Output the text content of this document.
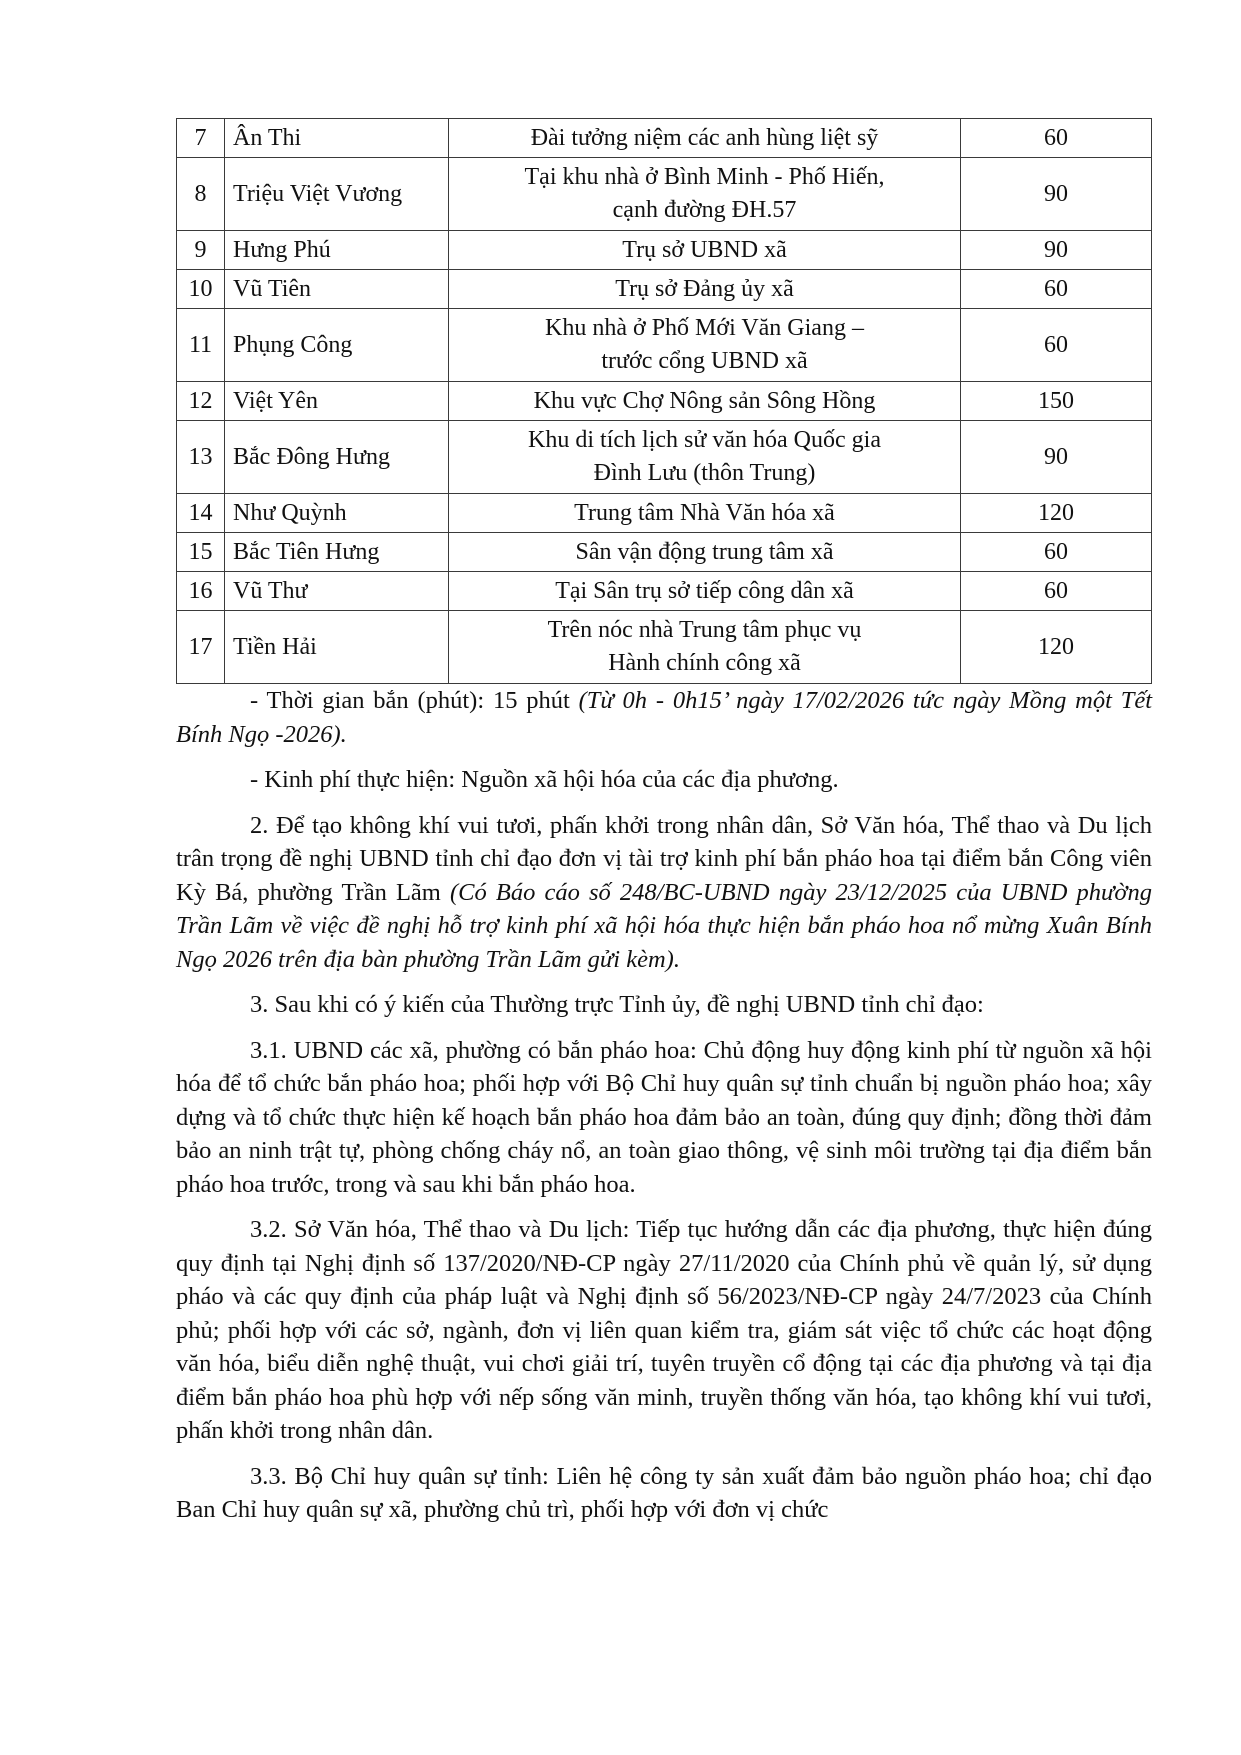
7	Ân Thi	Đài tưởng niệm các anh hùng liệt sỹ	60
8	Triệu Việt Vương	Tại khu nhà ở Bình Minh - Phố Hiến,
cạnh đường ĐH.57	90
9	Hưng Phú	Trụ sở UBND xã	90
10	Vũ Tiên	Trụ sở Đảng ủy xã	60
11	Phụng Công	Khu nhà ở Phố Mới Văn Giang –
trước cổng UBND xã	60
12	Việt Yên	Khu vực Chợ Nông sản Sông Hồng	150
13	Bắc Đông Hưng	Khu di tích lịch sử văn hóa Quốc gia
Đình Lưu (thôn Trung)	90
14	Như Quỳnh	Trung tâm Nhà Văn hóa xã	120
15	Bắc Tiên Hưng	Sân vận động trung tâm xã	60
16	Vũ Thư	Tại Sân trụ sở tiếp công dân xã	60
17	Tiền Hải	Trên nóc nhà Trung tâm phục vụ
Hành chính công xã	120

- Thời gian bắn (phút): 15 phút (Từ 0h - 0h15’ ngày 17/02/2026 tức ngày Mồng một Tết Bính Ngọ -2026).

- Kinh phí thực hiện: Nguồn xã hội hóa của các địa phương.

2. Để tạo không khí vui tươi, phấn khởi trong nhân dân, Sở Văn hóa, Thể thao và Du lịch trân trọng đề nghị UBND tỉnh chỉ đạo đơn vị tài trợ kinh phí bắn pháo hoa tại điểm bắn Công viên Kỳ Bá, phường Trần Lãm (Có Báo cáo số 248/BC-UBND ngày 23/12/2025 của UBND phường Trần Lãm về việc đề nghị hỗ trợ kinh phí xã hội hóa thực hiện bắn pháo hoa nổ mừng Xuân Bính Ngọ 2026 trên địa bàn phường Trần Lãm gửi kèm).

3. Sau khi có ý kiến của Thường trực Tỉnh ủy, đề nghị UBND tỉnh chỉ đạo:

3.1. UBND các xã, phường có bắn pháo hoa: Chủ động huy động kinh phí từ nguồn xã hội hóa để tổ chức bắn pháo hoa; phối hợp với Bộ Chỉ huy quân sự tỉnh chuẩn bị nguồn pháo hoa; xây dựng và tổ chức thực hiện kế hoạch bắn pháo hoa đảm bảo an toàn, đúng quy định; đồng thời đảm bảo an ninh trật tự, phòng chống cháy nổ, an toàn giao thông, vệ sinh môi trường tại địa điểm bắn pháo hoa trước, trong và sau khi bắn pháo hoa.

3.2. Sở Văn hóa, Thể thao và Du lịch: Tiếp tục hướng dẫn các địa phương, thực hiện đúng quy định tại Nghị định số 137/2020/NĐ-CP ngày 27/11/2020 của Chính phủ về quản lý, sử dụng pháo và các quy định của pháp luật và Nghị định số 56/2023/NĐ-CP ngày 24/7/2023 của Chính phủ; phối hợp với các sở, ngành, đơn vị liên quan kiểm tra, giám sát việc tổ chức các hoạt động văn hóa, biểu diễn nghệ thuật, vui chơi giải trí, tuyên truyền cổ động tại các địa phương và tại địa điểm bắn pháo hoa phù hợp với nếp sống văn minh, truyền thống văn hóa, tạo không khí vui tươi, phấn khởi trong nhân dân.

3.3. Bộ Chỉ huy quân sự tỉnh: Liên hệ công ty sản xuất đảm bảo nguồn pháo hoa; chỉ đạo Ban Chỉ huy quân sự xã, phường chủ trì, phối hợp với đơn vị chức
